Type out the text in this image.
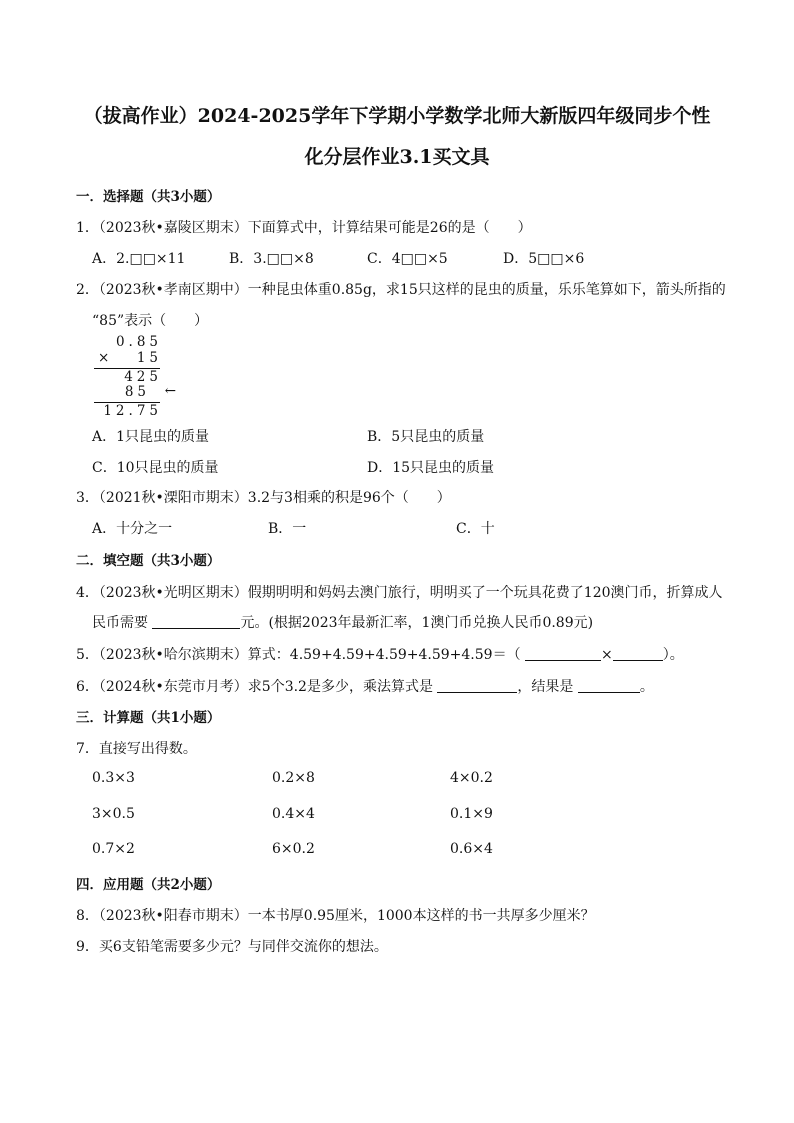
（拔高作业）2024-2025学年下学期小学数学北师大新版四年级同步个性
化分层作业3.1买文具
一．选择题（共3小题）
1．（2023秋•嘉陵区期末）下面算式中，计算结果可能是26的是（　　）
A．2.□□×11	B．3.□□×8	C．4□□×5	D．5□□×6
2．（2023秋•孝南区期中）一种昆虫体重0.85g，求15只这样的昆虫的质量，乐乐笔算如下，箭头所指的
“85”表示（　　）
0.85
× 15
425
85 ←
12.75
A．1只昆虫的质量	B．5只昆虫的质量
C．10只昆虫的质量	D．15只昆虫的质量
3．（2021秋•溧阳市期末）3.2与3相乘的积是96个（　　）
A．十分之一	B．一	C．十
二．填空题（共3小题）
4．（2023秋•光明区期末）假期明明和妈妈去澳门旅行，明明买了一个玩具花费了120澳门币，折算成人
民币需要	元。(根据2023年最新汇率，1澳门币兑换人民币0.89元)
5．（2023秋•哈尔滨期末）算式：4.59+4.59+4.59+4.59+4.59＝（	×	）。
6．（2024秋•东莞市月考）求5个3.2是多少，乘法算式是	，结果是	。
三．计算题（共1小题）
7．直接写出得数。
0.3×3	0.2×8	4×0.2
3×0.5	0.4×4	0.1×9
0.7×2	6×0.2	0.6×4
四．应用题（共2小题）
8．（2023秋•阳春市期末）一本书厚0.95厘米，1000本这样的书一共厚多少厘米？
9．买6支铅笔需要多少元？与同伴交流你的想法。
